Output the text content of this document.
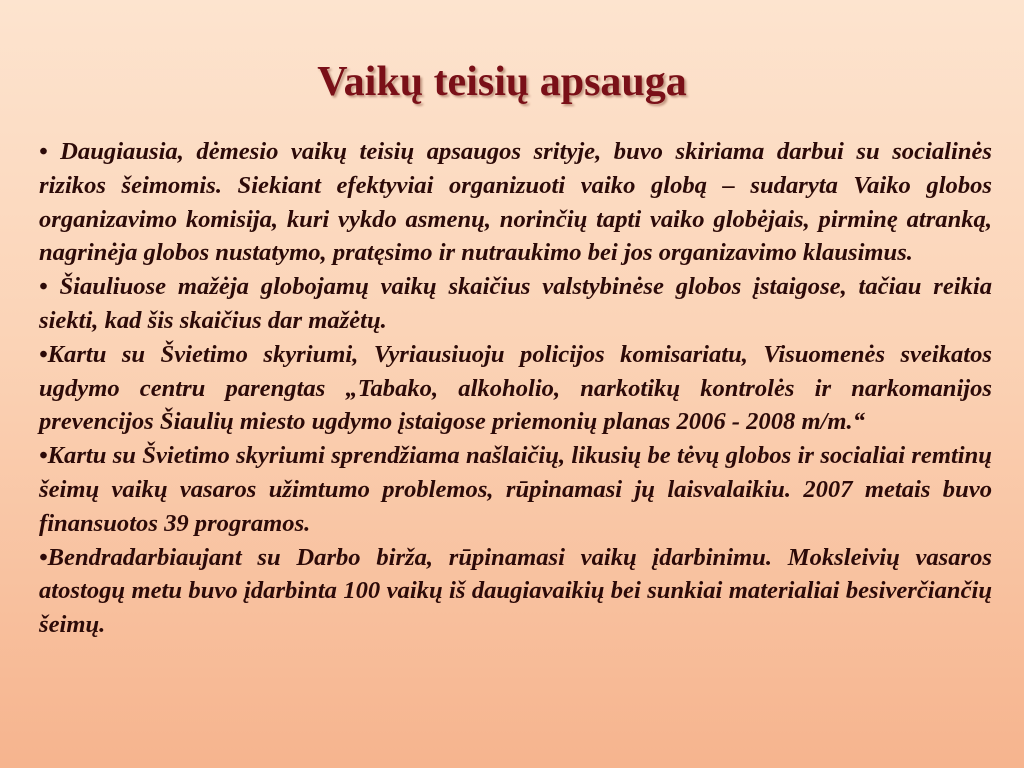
Vaikų teisių apsauga

• Daugiausia, dėmesio vaikų teisių apsaugos srityje, buvo skiriama darbui su socialinės rizikos šeimomis. Siekiant efektyviai organizuoti vaiko globą – sudaryta Vaiko globos organizavimo komisija, kuri vykdo asmenų, norinčių tapti vaiko globėjais, pirminę atranką, nagrinėja globos nustatymo, pratęsimo ir nutraukimo bei jos organizavimo klausimus.

• Šiauliuose mažėja globojamų vaikų skaičius valstybinėse globos įstaigose, tačiau reikia siekti, kad šis skaičius dar mažėtų.

•Kartu su Švietimo skyriumi, Vyriausiuoju policijos komisariatu, Visuomenės sveikatos ugdymo centru parengtas „Tabako, alkoholio, narkotikų kontrolės ir narkomanijos prevencijos Šiaulių miesto ugdymo įstaigose priemonių planas 2006 - 2008 m/m.“

•Kartu su Švietimo skyriumi sprendžiama našlaičių, likusių be tėvų globos ir socialiai remtinų šeimų vaikų vasaros užimtumo problemos, rūpinamasi jų laisvalaikiu. 2007 metais buvo finansuotos 39 programos.

•Bendradarbiaujant su Darbo birža, rūpinamasi vaikų įdarbinimu. Moksleivių vasaros atostogų metu buvo įdarbinta 100 vaikų iš daugiavaikių bei sunkiai materialiai besiverčiančių šeimų.
